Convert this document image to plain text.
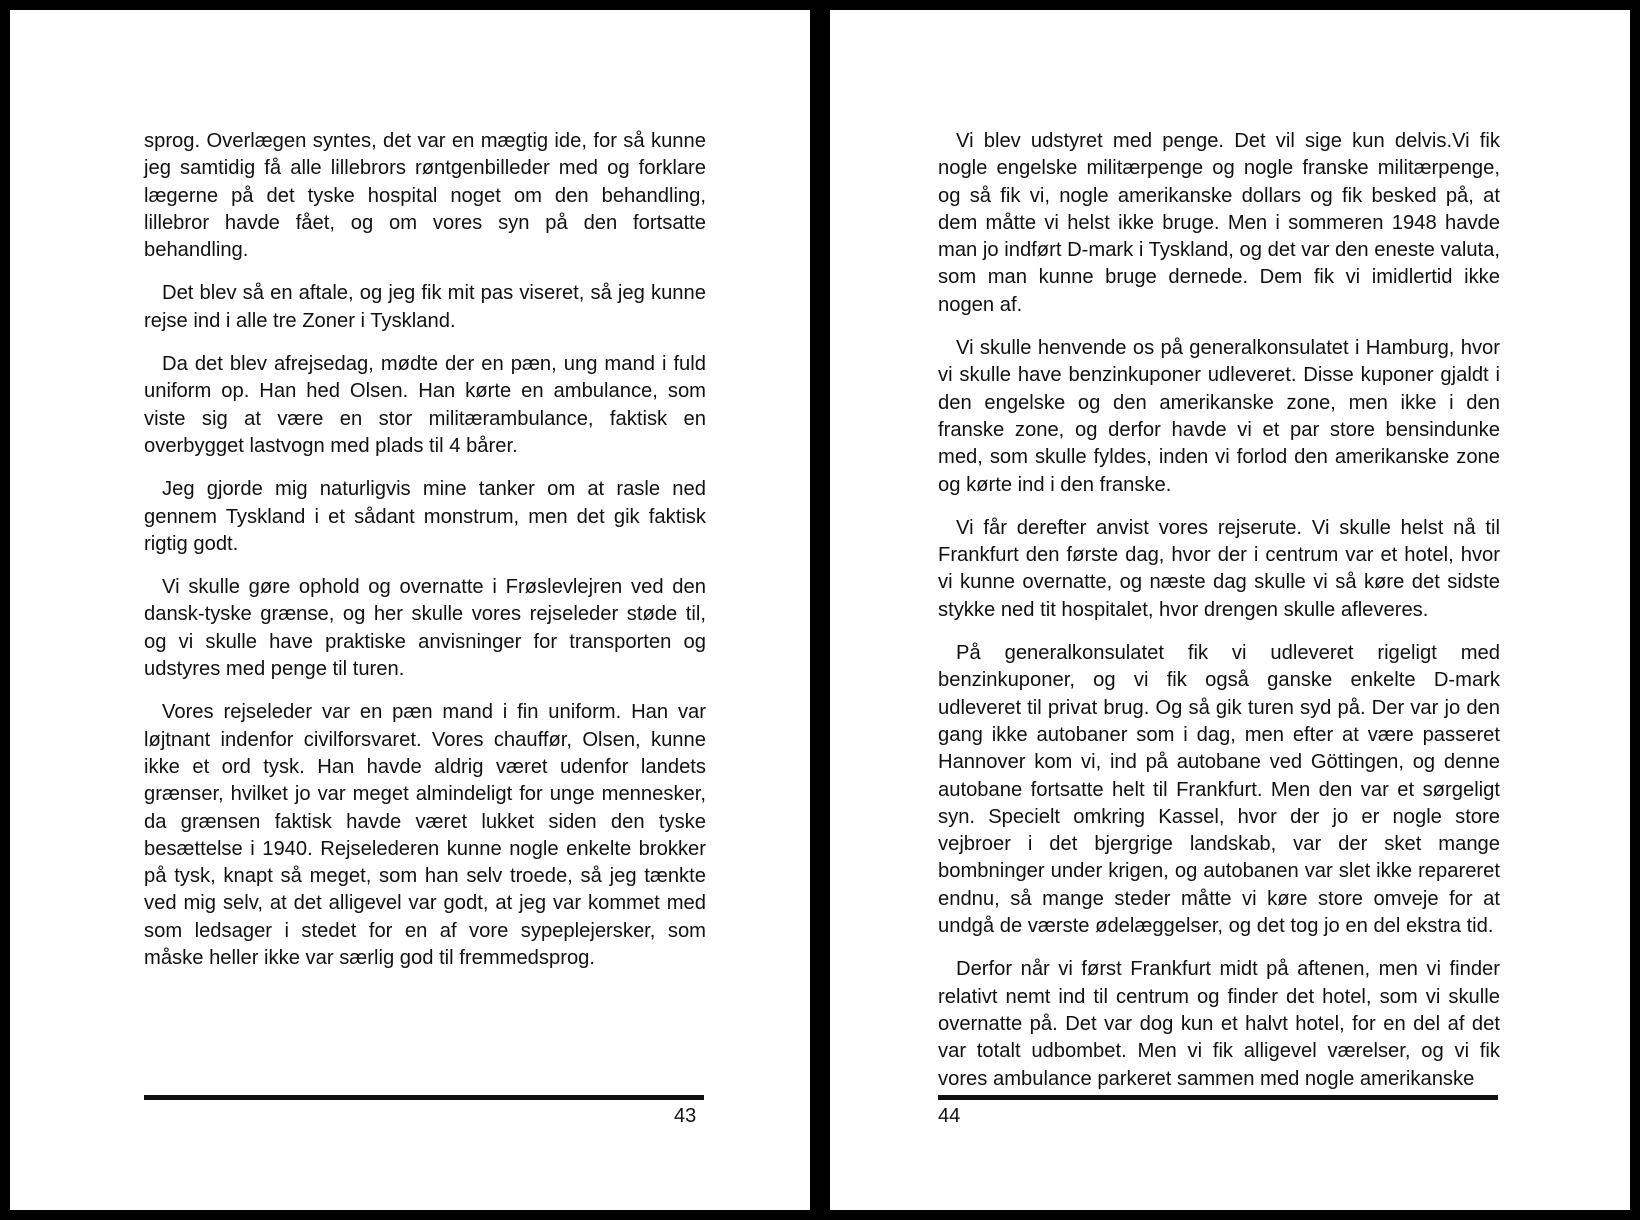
sprog. Overlægen syntes, det var en mægtig ide, for så kunne jeg samtidig få alle lillebrors røntgenbilleder med og forklare lægerne på det tyske hospital noget om den behandling, lillebror havde fået, og om vores syn på den fortsatte behandling.

Det blev så en aftale, og jeg fik mit pas viseret, så jeg kunne rejse ind i alle tre Zoner i Tyskland.

Da det blev afrejsedag, mødte der en pæn, ung mand i fuld uniform op. Han hed Olsen. Han kørte en ambulance, som viste sig at være en stor militærambulance, faktisk en overbygget lastvogn med plads til 4 bårer.

Jeg gjorde mig naturligvis mine tanker om at rasle ned gennem Tyskland i et sådant monstrum, men det gik faktisk rigtig godt.

Vi skulle gøre ophold og overnatte i Frøslevlejren ved den dansk-tyske grænse, og her skulle vores rejseleder støde til, og vi skulle have praktiske anvisninger for transporten og udstyres med penge til turen.

Vores rejseleder var en pæn mand i fin uniform. Han var løjtnant indenfor civilforsvaret. Vores chauffør, Olsen, kunne ikke et ord tysk. Han havde aldrig været udenfor landets grænser, hvilket jo var meget almindeligt for unge mennesker, da grænsen faktisk havde været lukket siden den tyske besættelse i 1940. Rejselederen kunne nogle enkelte brokker på tysk, knapt så meget, som han selv troede, så jeg tænkte ved mig selv, at det alligevel var godt, at jeg var kommet med som ledsager i stedet for en af vore sypeplejersker, som måske heller ikke var særlig god til fremmedsprog.

43

Vi blev udstyret med penge. Det vil sige kun delvis.Vi fik nogle engelske militærpenge og nogle franske militærpenge, og så fik vi, nogle amerikanske dollars og fik besked på, at dem måtte vi helst ikke bruge. Men i sommeren 1948 havde man jo indført D-mark i Tyskland, og det var den eneste valuta, som man kunne bruge dernede. Dem fik vi imidlertid ikke nogen af.

Vi skulle henvende os på generalkonsulatet i Hamburg, hvor vi skulle have benzinkuponer udleveret. Disse kuponer gjaldt i den engelske og den amerikanske zone, men ikke i den franske zone, og derfor havde vi et par store bensindunke med, som skulle fyldes, inden vi forlod den amerikanske zone og kørte ind i den franske.

Vi får derefter anvist vores rejserute. Vi skulle helst nå til Frankfurt den første dag, hvor der i centrum var et hotel, hvor vi kunne overnatte, og næste dag skulle vi så køre det sidste stykke ned tit hospitalet, hvor drengen skulle afleveres.

På generalkonsulatet fik vi udleveret rigeligt med benzinkuponer, og vi fik også ganske enkelte D-mark udleveret til privat brug. Og så gik turen syd på. Der var jo den gang ikke autobaner som i dag, men efter at være passeret Hannover kom vi, ind på autobane ved Göttingen, og denne autobane fortsatte helt til Frankfurt. Men den var et sørgeligt syn. Specielt omkring Kassel, hvor der jo er nogle store vejbroer i det bjergrige landskab, var der sket mange bombninger under krigen, og autobanen var slet ikke repareret endnu, så mange steder måtte vi køre store omveje for at undgå de værste ødelæggelser, og det tog jo en del ekstra tid.

Derfor når vi først Frankfurt midt på aftenen, men vi finder relativt nemt ind til centrum og finder det hotel, som vi skulle overnatte på. Det var dog kun et halvt hotel, for en del af det var totalt udbombet. Men vi fik alligevel værelser, og vi fik vores ambulance parkeret sammen med nogle amerikanske

44
